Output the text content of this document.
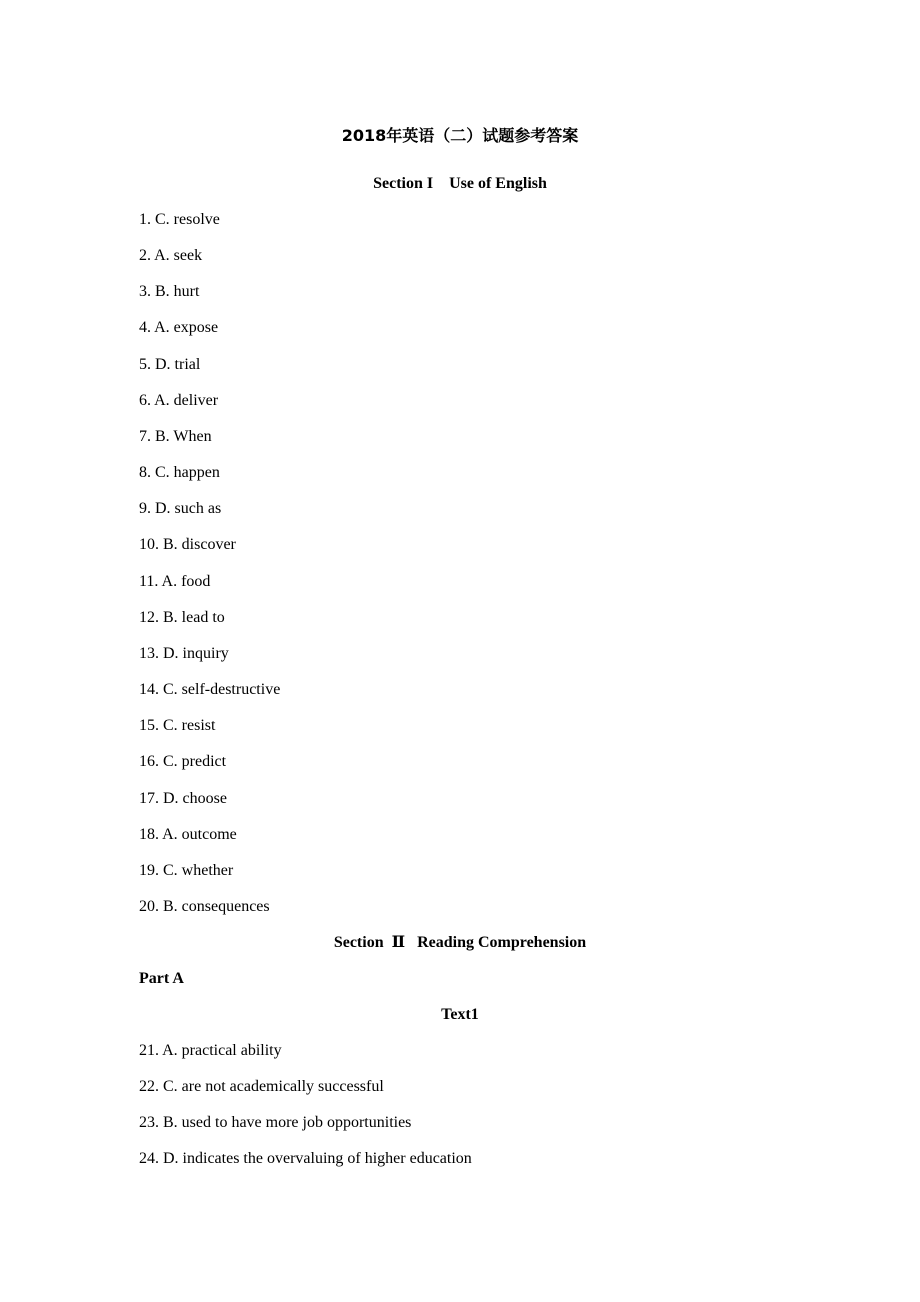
2018年英语（二）试题参考答案
Section I    Use of English
1. C. resolve
2. A. seek
3. B. hurt
4. A. expose
5. D. trial
6. A. deliver
7. B. When
8. C. happen
9. D. such as
10. B. discover
11. A. food
12. B. lead to
13. D. inquiry
14. C. self-destructive
15. C. resist
16. C. predict
17. D. choose
18. A. outcome
19. C. whether
20. B. consequences
Section  Ⅱ   Reading Comprehension
Part A
Text1
21. A. practical ability
22. C. are not academically successful
23. B. used to have more job opportunities
24. D. indicates the overvaluing of higher education
